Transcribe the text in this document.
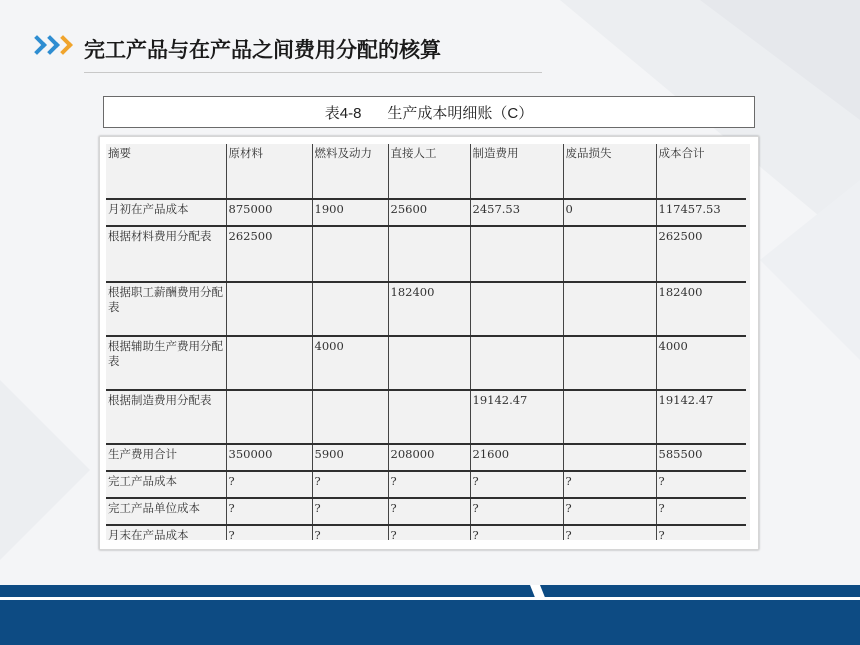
完工产品与在产品之间费用分配的核算
表4-8 生产成本明细账（C）
摘要	原材料	燃料及动力	直接人工	制造费用	废品损失	成本合计
月初在产品成本	875000	1900	25600	2457.53	0	117457.53
根据材料费用分配表	262500					262500
根据职工薪酬费用分配表			182400			182400
根据辅助生产费用分配表		4000				4000
根据制造费用分配表				19142.47		19142.47
生产费用合计	350000	5900	208000	21600		585500
完工产品成本	?	?	?	?	?	?
完工产品单位成本	?	?	?	?	?	?
月末在产品成本	?	?	?	?	?	?
